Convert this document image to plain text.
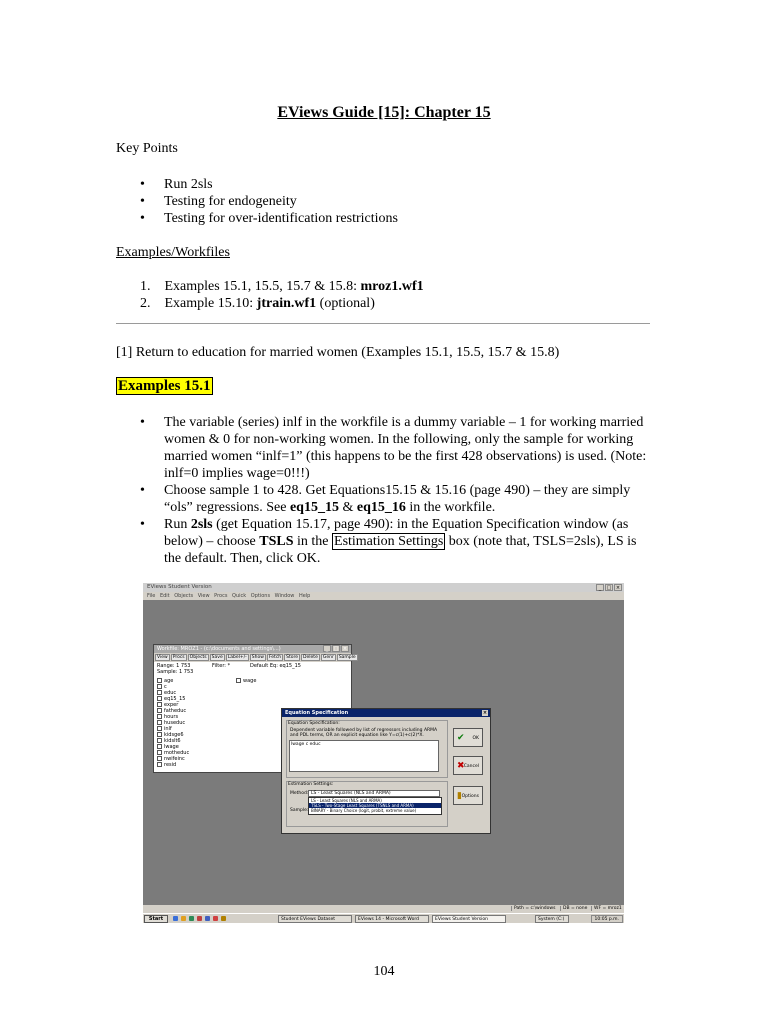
EViews Guide [15]: Chapter 15
Key Points
• Run 2sls
• Testing for endogeneity
• Testing for over-identification restrictions
Examples/Workfiles
1. Examples 15.1, 15.5, 15.7 & 15.8: mroz1.wf1
2. Example 15.10: jtrain.wf1 (optional)
[1] Return to education for married women (Examples 15.1, 15.5, 15.7 & 15.8)
Examples 15.1
• The variable (series) inlf in the workfile is a dummy variable – 1 for working married women & 0 for non-working women. In the following, only the sample for working married women “inlf=1” (this happens to be the first 428 observations) is used. (Note: inlf=0 implies wage=0!!!)
• Choose sample 1 to 428. Get Equations15.15 & 15.16 (page 490) – they are simply “ols” regressions. See eq15_15 & eq15_16 in the workfile.
• Run 2sls (get Equation 15.17, page 490): in the Equation Specification window (as below) – choose TSLS in the Estimation Settings box (note that, TSLS=2sls), LS is the default. Then, click OK.
EViews Student Version	_	□ ×
File Edit Objects View Procs Quick Options Window Help
Workfile: MROZ1 - (c:\documents and settings\...)	_	□ ×
View	Procs	Objects	Save	Label+/-	Show	Fetch	Store	Delete	Genr	Sample
Range: 1 753
Sample: 1 753
Filter: *	Default Eq: eq15_15
age
c
educ
eq15_15
exper
fatheduc
hours
huseduc
inlf
kidsge6
kidslt6
lwage
motheduc
nwifeinc
resid
wage
Equation Specification	×
Equation Specification:
Dependent variable followed by list of regressors including ARMA and PDL terms, OR an explicit equation like Y=c(1)+c(2)*X.
lwage c educ
Estimation Settings:
Method: LS - Least Squares (NLS and ARMA)
Sample:
LS - Least Squares (NLS and ARMA)
TSLS - Two-Stage Least Squares (TSNLS and ARMA)
BINARY - Binary Choice (logit, probit, extreme value)
✔ OK
✖ Cancel
▮ Options
Path = c:\windows	DB = none	WF = mroz1
Start	Student EViews Dataset	EViews 14 - Microsoft Word	EViews Student Version	System (C:)	10:05 p.m.
104
